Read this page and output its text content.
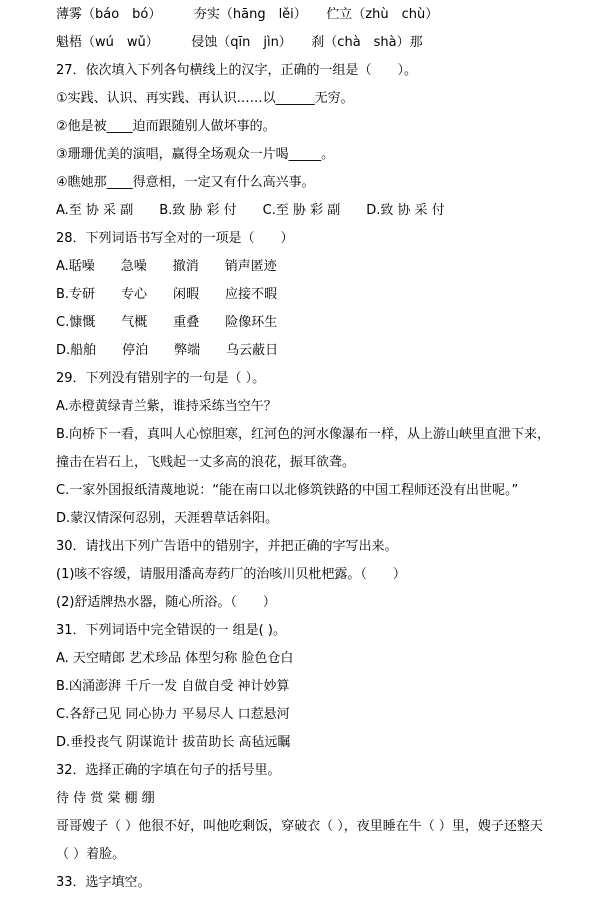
薄雾（báo　bó）　　　夯实（hāng　lěi）　　伫立（zhù　chù）
魁梧（wú　wǔ）　　　侵蚀（qīn　jìn）　　刹（chà　shà）那
27．依次填入下列各句横线上的汉字，正确的一组是（　　）。
①实践、认识、再实践、再认识……以______无穷。
②他是被____迫而跟随别人做坏事的。
③珊珊优美的演唱，赢得全场观众一片喝_____。
④瞧她那____得意相，一定又有什么高兴事。
A.至 协 采 副　　B.致 胁 彩 付　　C.至 胁 彩 副　　D.致 协 采 付
28．下列词语书写全对的一项是（　　）
A.聒噪　　急噪　　撤消　　销声匿迹
B.专研　　专心　　闲暇　　应接不暇
C.慷慨　　气概　　重叠　　险像环生
D.船舶　　停泊　　弊端　　乌云蔽日
29．下列没有错别字的一句是（ ）。
A.赤橙黄绿青兰紫，谁持采练当空午？
B.向桥下一看，真叫人心惊胆寒，红河色的河水像瀑布一样，从上游山峡里直泄下来，
撞击在岩石上，飞贱起一丈多高的浪花，振耳欲聋。
C.一家外国报纸清蔑地说：“能在南口以北修筑铁路的中国工程师还没有出世呢。”
D.蒙汉情深何忍别，天涯碧草话斜阳。
30．请找出下列广告语中的错别字，并把正确的字写出来。
(1)咳不容缓，请服用潘高寿药厂的治咳川贝枇杷露。（　　）
(2)舒适牌热水器，随心所浴。（　　）
31．下列词语中完全错误的一 组是( )。
A. 天空晴郎 艺术珍品 体型匀称 脸色仓白
B.凶涌澎湃 千斤一发 自做自受 神计妙算
C.各舒己见 同心协力 平易尽人 口惹悬河
D.垂投丧气 阴谋诡计 拔苗助长 高毡远瞩
32．选择正确的字填在句子的括号里。
待 侍 赏 棠 棚 绷
哥哥嫂子（ ）他很不好，叫他吃剩饭，穿破衣（ ），夜里睡在牛（ ）里，嫂子还整天
（ ）着脸。
33．选字填空。
